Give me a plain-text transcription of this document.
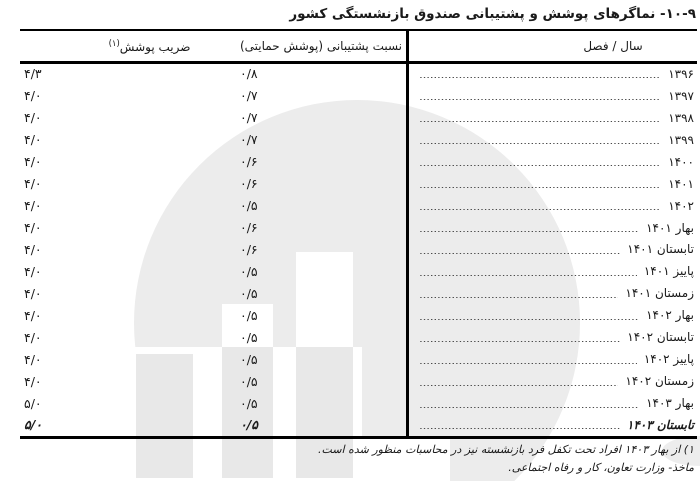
۱۰-۹- نماگرهای پوشش و پشتیبانی صندوق بازنشستگی کشور
سال / فصل
نسبت پشتیبانی (پوشش حمایتی)
ضریب پوشش$^{(۱)}$
۱۳۹۶
۰/۸
۴/۳
۱۳۹۷
۰/۷
۴/۰
۱۳۹۸
۰/۷
۴/۰
۱۳۹۹
۰/۷
۴/۰
۱۴۰۰
۰/۶
۴/۰
۱۴۰۱
۰/۶
۴/۰
۱۴۰۲
۰/۵
۴/۰
بهار ۱۴۰۱
۰/۶
۴/۰
تابستان ۱۴۰۱
۰/۶
۴/۰
پاییز ۱۴۰۱
۰/۵
۴/۰
زمستان ۱۴۰۱
۰/۵
۴/۰
بهار ۱۴۰۲
۰/۵
۴/۰
تابستان ۱۴۰۲
۰/۵
۴/۰
پاییز ۱۴۰۲
۰/۵
۴/۰
زمستان ۱۴۰۲
۰/۵
۴/۰
بهار ۱۴۰۳
۰/۵
۵/۰
تابستان ۱۴۰۳
۰/۵
۵/۰
۱) از بهار ۱۴۰۳ افراد تحت تکفل فرد بازنشسته نیز در محاسبات منظور شده است.
ماخذ- وزارت تعاون، کار و رفاه اجتماعی.
